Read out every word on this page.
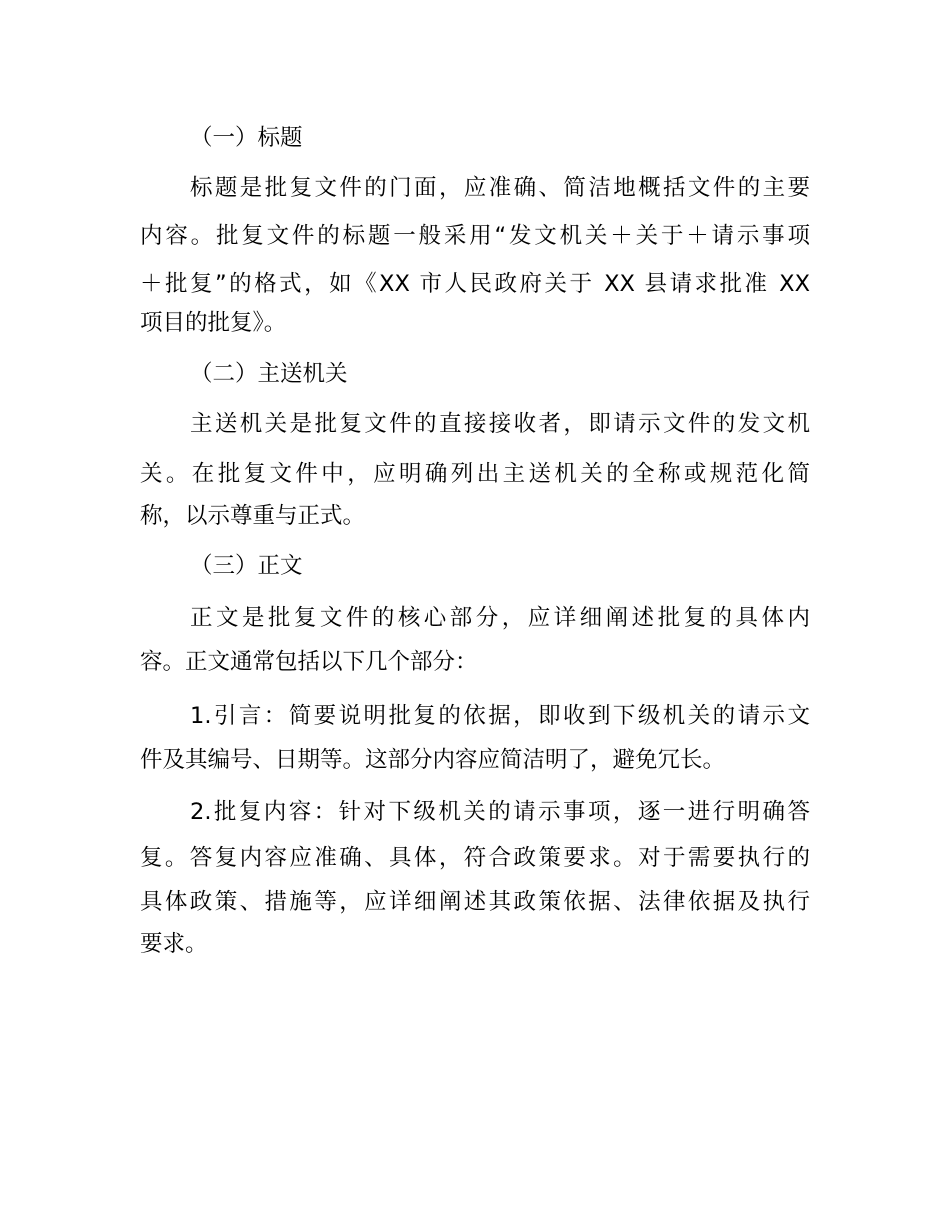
（一）标题
标题是批复文件的门面，应准确、简洁地概括文件的主要
内容。批复文件的标题一般采用“发文机关＋关于＋请示事项
＋批复”的格式，如《XX 市人民政府关于 XX 县请求批准 XX
项目的批复》。
（二）主送机关
主送机关是批复文件的直接接收者，即请示文件的发文机
关。在批复文件中，应明确列出主送机关的全称或规范化简
称，以示尊重与正式。
（三）正文
正文是批复文件的核心部分，应详细阐述批复的具体内
容。正文通常包括以下几个部分：
1.引言：简要说明批复的依据，即收到下级机关的请示文
件及其编号、日期等。这部分内容应简洁明了，避免冗长。
2.批复内容：针对下级机关的请示事项，逐一进行明确答
复。答复内容应准确、具体，符合政策要求。对于需要执行的
具体政策、措施等，应详细阐述其政策依据、法律依据及执行
要求。
